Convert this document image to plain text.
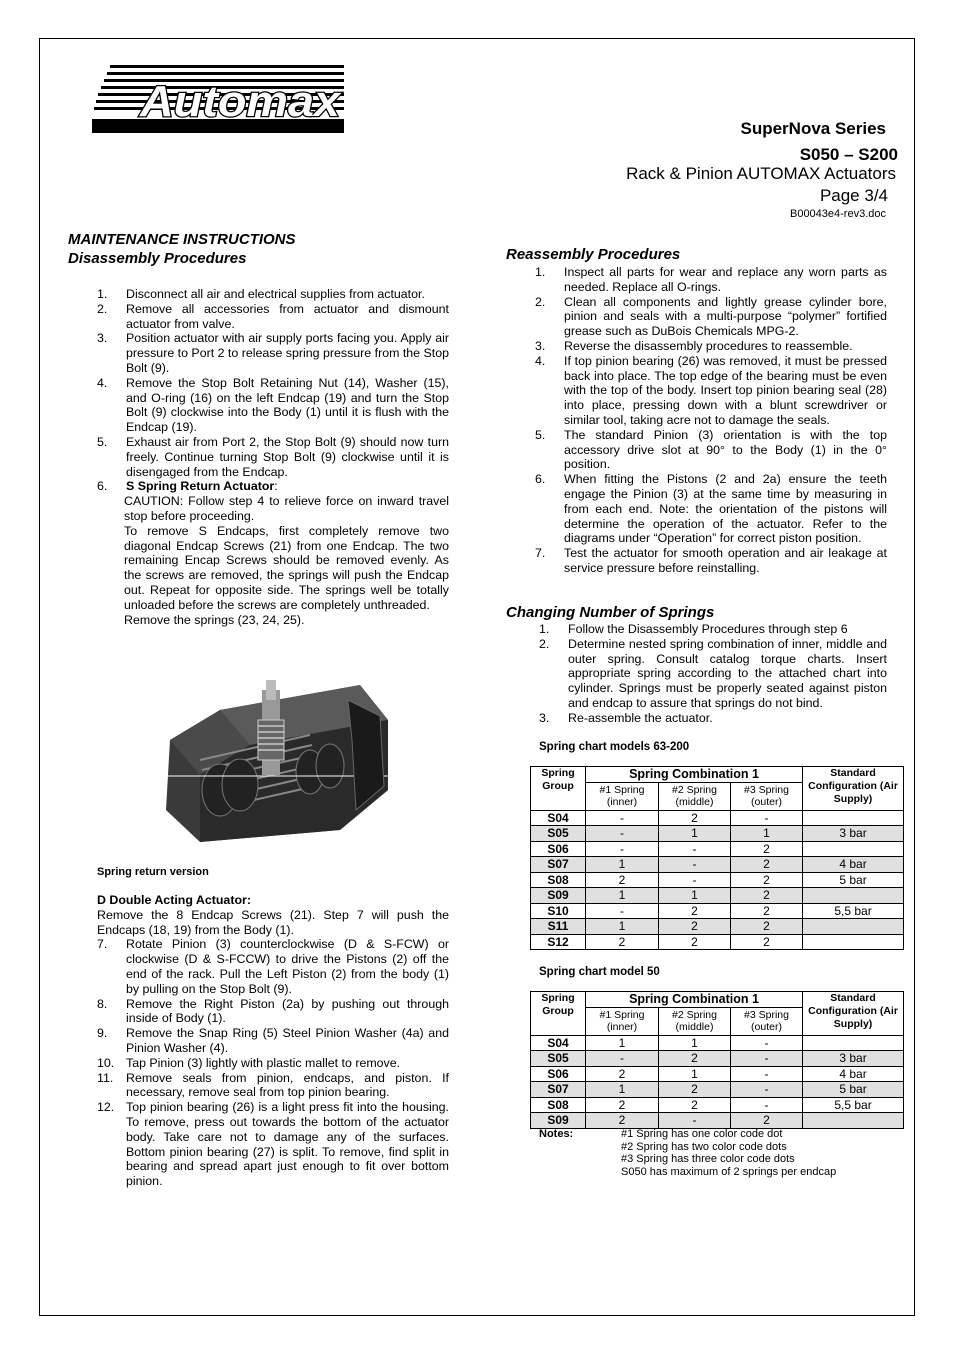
Automax
SuperNova Series
S050 – S200
Rack & Pinion AUTOMAX Actuators
Page 3/4
B00043e4-rev3.doc
MAINTENANCE INSTRUCTIONS
Disassembly Procedures
1.	Disconnect all air and electrical supplies from actuator.
2.	Remove all accessories from actuator and dismount actuator from valve.
3.	Position actuator with air supply ports facing you. Apply air pressure to Port 2 to release spring pressure from the Stop Bolt (9).
4.	Remove the Stop Bolt Retaining Nut (14), Washer (15), and O-ring (16) on the left Endcap (19) and turn the Stop Bolt (9) clockwise into the Body (1) until it is flush with the Endcap (19).
5.	Exhaust air from Port 2, the Stop Bolt (9) should now turn freely. Continue turning Stop Bolt (9) clockwise until it is disengaged from the Endcap.
6.	S Spring Return Actuator:
CAUTION: Follow step 4 to relieve force on inward travel stop before proceeding.
To remove S Endcaps, first completely remove two diagonal Endcap Screws (21) from one Endcap. The two remaining Encap Screws should be removed evenly. As the screws are removed, the springs will push the Endcap out. Repeat for opposite side. The springs well be totally unloaded before the screws are completely unthreaded.
Remove the springs (23, 24, 25).
Spring return version
D Double Acting Actuator:
Remove the 8 Endcap Screws (21). Step 7 will push the Endcaps (18, 19) from the Body (1).
7.	Rotate Pinion (3) counterclockwise (D & S-FCW) or clockwise (D & S-FCCW) to drive the Pistons (2) off the end of the rack. Pull the Left Piston (2) from the body (1) by pulling on the Stop Bolt (9).
8.	Remove the Right Piston (2a) by pushing out through inside of Body (1).
9.	Remove the Snap Ring (5) Steel Pinion Washer (4a) and Pinion Washer (4).
10. Tap Pinion (3) lightly with plastic mallet to remove.
11.	Remove seals from pinion, endcaps, and piston. If necessary, remove seal from top pinion bearing.
12. Top pinion bearing (26) is a light press fit into the housing. To remove, press out towards the bottom of the actuator body. Take care not to damage any of the surfaces. Bottom pinion bearing (27) is split. To remove, find split in bearing and spread apart just enough to fit over bottom pinion.
Reassembly Procedures
1.	Inspect all parts for wear and replace any worn parts as needed. Replace all O-rings.
2.	Clean all components and lightly grease cylinder bore, pinion and seals with a multi-purpose “polymer” fortified grease such as DuBois Chemicals MPG-2.
3.	Reverse the disassembly procedures to reassemble.
4.	If top pinion bearing (26) was removed, it must be pressed back into place. The top edge of the bearing must be even with the top of the body. Insert top pinion bearing seal (28) into place, pressing down with a blunt screwdriver or similar tool, taking acre not to damage the seals.
5.	The standard Pinion (3) orientation is with the top accessory drive slot at 90° to the Body (1) in the 0° position.
6.	When fitting the Pistons (2 and 2a) ensure the teeth engage the Pinion (3) at the same time by measuring in from each end. Note: the orientation of the pistons will determine the operation of the actuator. Refer to the diagrams under “Operation” for correct piston position.
7.	Test the actuator for smooth operation and air leakage at service pressure before reinstalling.
Changing Number of Springs
1.	Follow the Disassembly Procedures through step 6
2.	Determine nested spring combination of inner, middle and outer spring. Consult catalog torque charts. Insert appropriate spring according to the attached chart into cylinder. Springs must be properly seated against piston and endcap to assure that springs do not bind.
3.	Re-assemble the actuator.
Spring chart models 63-200
Spring Group	Spring Combination 1			Standard Configuration (Air Supply)
	#1 Spring (inner)	#2 Spring (middle)	#3 Spring (outer)	
S04	-	2	-	
S05	-	1	1	3 bar
S06	-	-	2	
S07	1	-	2	4 bar
S08	2	-	2	5 bar
S09	1	1	2	
S10	-	2	2	5,5 bar
S11	1	2	2	
S12	2	2	2	
Spring chart model 50
Spring Group	Spring Combination 1			Standard Configuration (Air Supply)
	#1 Spring (inner)	#2 Spring (middle)	#3 Spring (outer)	
S04	1	1	-	
S05	-	2	-	3 bar
S06	2	1	-	4 bar
S07	1	2	-	5 bar
S08	2	2	-	5,5 bar
S09	2	-	2	
Notes:	#1 Spring has one color code dot
#2 Spring has two color code dots
#3 Spring has three color code dots
S050 has maximum of 2 springs per endcap
